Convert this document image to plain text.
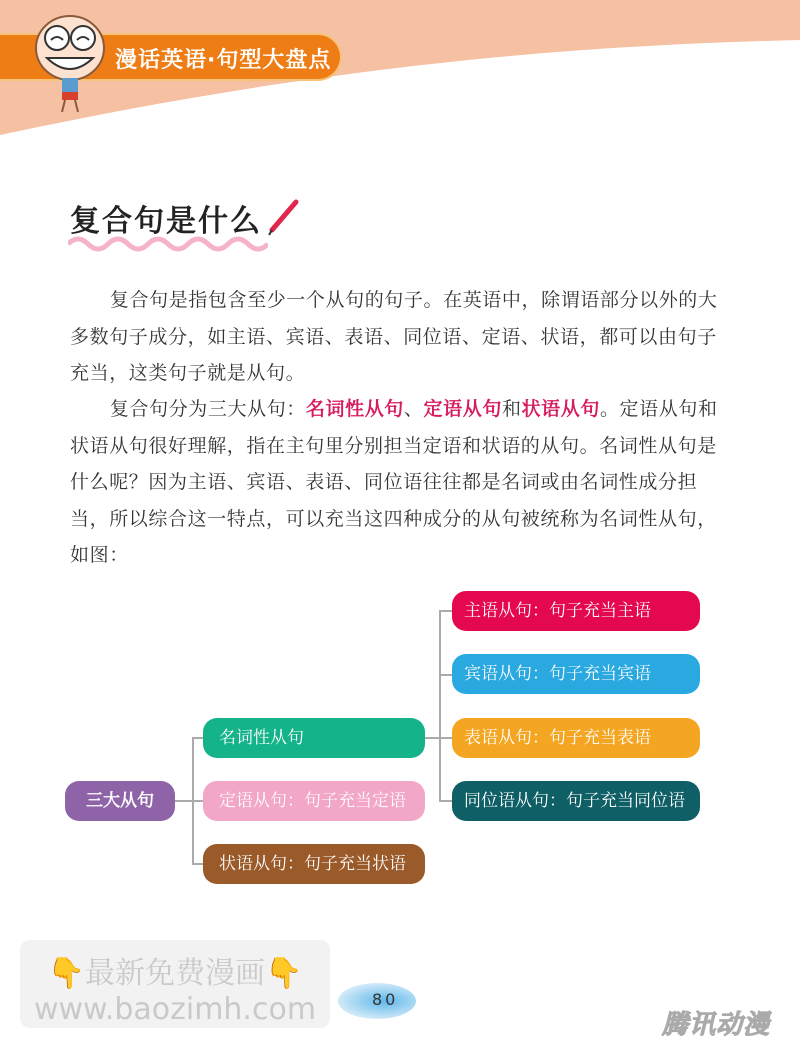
漫话英语·句型大盘点
复合句是什么

复合句是指包含至少一个从句的句子。在英语中，除谓语部分以外的大多数句子成分，如主语、宾语、表语、同位语、定语、状语，都可以由句子充当，这类句子就是从句。

复合句分为三大从句：名词性从句、定语从句和状语从句。定语从句和状语从句很好理解，指在主句里分别担当定语和状语的从句。名词性从句是什么呢？因为主语、宾语、表语、同位语往往都是名词或由名词性成分担当，所以综合这一特点，可以充当这四种成分的从句被统称为名词性从句，如图：

三大从句
名词性从句
定语从句：句子充当定语
状语从句：句子充当状语
主语从句：句子充当主语
宾语从句：句子充当宾语
表语从句：句子充当表语
同位语从句：句子充当同位语
👇最新免费漫画👇
www.baozimh.com	80
腾讯动漫
